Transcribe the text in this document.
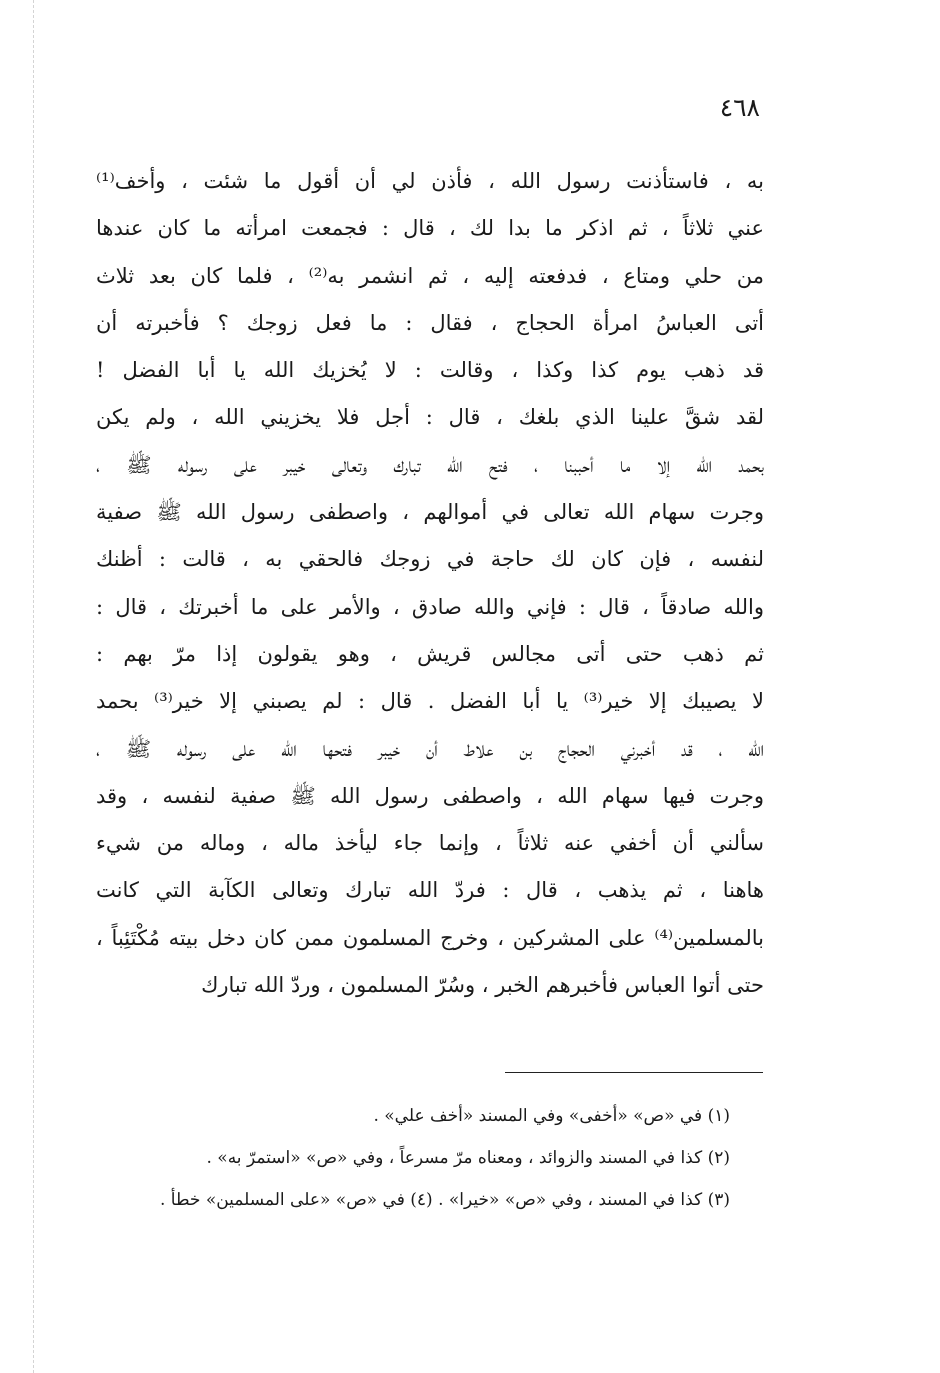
٤٦٨
به ، فاستأذنت رسول الله ، فأذن لي أن أقول ما شئت ، وأخف⁽¹⁾
عني ثلاثاً ، ثم اذكر ما بدا لك ، قال : فجمعت امرأته ما كان عندها
من حلي ومتاع ، فدفعته إليه ، ثم انشمر به⁽²⁾ ، فلما كان بعد ثلاث
أتى العباسُ امرأة الحجاج ، فقال : ما فعل زوجك ؟ فأخبرته أن
قد ذهب يوم كذا وكذا ، وقالت : لا يُخزيك الله يا أبا الفضل !
لقد شقَّ علينا الذي بلغك ، قال : أجل فلا يخزيني الله ، ولم يكن
بحمد الله إلا ما أحببنا ، فتح الله تبارك وتعالى خيبر على رسوله ﷺ ،
وجرت سهام الله تعالى في أموالهم ، واصطفى رسول الله ﷺ صفية
لنفسه ، فإن كان لك حاجة في زوجك فالحقي به ، قالت : أظنك
والله صادقاً ، قال : فإني والله صادق ، والأمر على ما أخبرتك ، قال :
ثم ذهب حتى أتى مجالس قريش ، وهو يقولون إذا مرّ بهم :
لا يصيبك إلا خير⁽³⁾ يا أبا الفضل . قال : لم يصبني إلا خير⁽³⁾ بحمد
الله ، قد أخبرني الحجاج بن علاط أن خيبر فتحها الله على رسوله ﷺ ،
وجرت فيها سهام الله ، واصطفى رسول الله ﷺ صفية لنفسه ، وقد
سألني أن أخفي عنه ثلاثاً ، وإنما جاء ليأخذ ماله ، وماله من شيء
هاهنا ، ثم يذهب ، قال : فردّ الله تبارك وتعالى الكآبة التي كانت
بالمسلمين⁽⁴⁾ على المشركين ، وخرج المسلمون ممن كان دخل بيته مُكْتَئِباً ،
حتى أتوا العباس فأخبرهم الخبر ، وسُرّ المسلمون ، وردّ الله تبارك
(١) في «ص» «أخفى» وفي المسند «أخف علي» .
(٢) كذا في المسند والزوائد ، ومعناه مرّ مسرعاً ، وفي «ص» «استمرّ به» .
(٣) كذا في المسند ، وفي «ص» «خيرا» . (٤) في «ص» «على المسلمين» خطأ .
